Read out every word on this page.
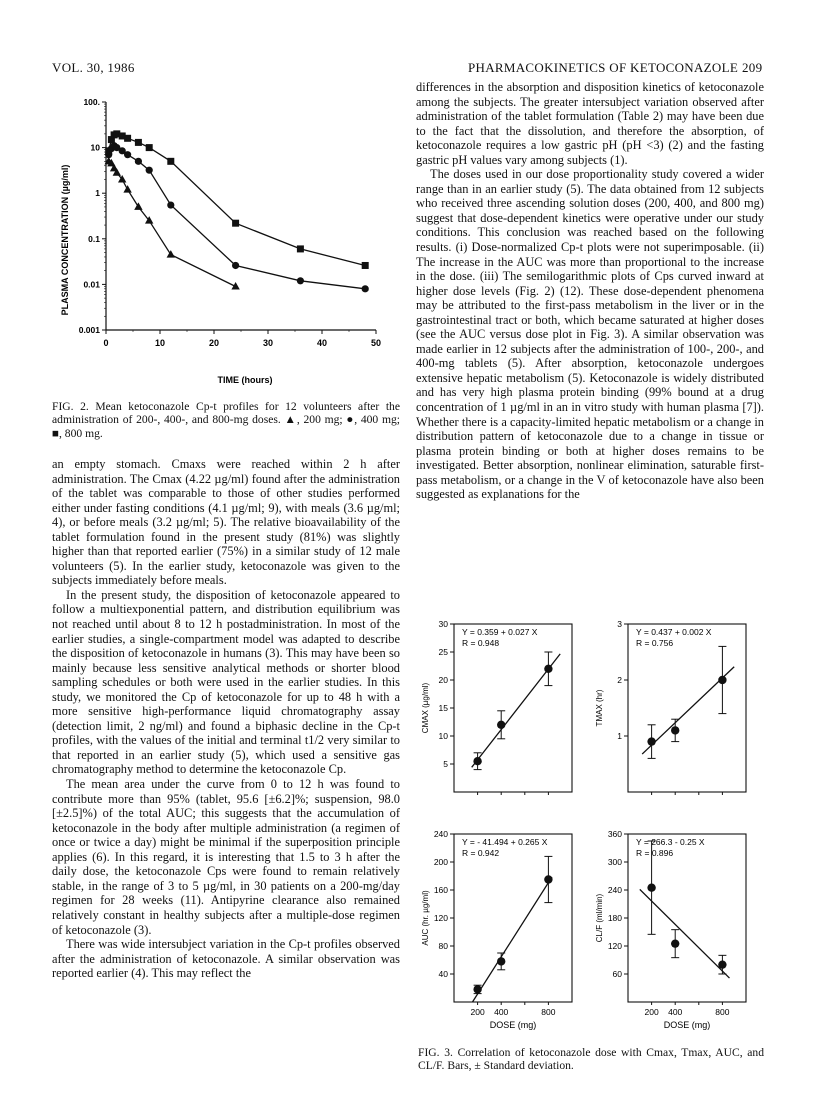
VOL. 30, 1986	PHARMACOKINETICS OF KETOCONAZOLE 209
0.001
0.01
0.1
1
10
100.
0	10	20	30	40	50
PLASMA CONCENTRATION (µg/ml)
TIME (hours)
FIG. 2. Mean ketoconazole Cp-t profiles for 12 volunteers after the administration of 200-, 400-, and 800-mg doses. ▲, 200 mg; ●, 400 mg; ■, 800 mg.

an empty stomach. Cmaxs were reached within 2 h after administration. The Cmax (4.22 µg/ml) found after the administration of the tablet was comparable to those of other studies performed either under fasting conditions (4.1 µg/ml; 9), with meals (3.6 µg/ml; 4), or before meals (3.2 µg/ml; 5). The relative bioavailability of the tablet formulation found in the present study (81%) was slightly higher than that reported earlier (75%) in a similar study of 12 male volunteers (5). In the earlier study, ketoconazole was given to the subjects immediately before meals.

In the present study, the disposition of ketoconazole appeared to follow a multiexponential pattern, and distribution equilibrium was not reached until about 8 to 12 h postadministration. In most of the earlier studies, a single-compartment model was adapted to describe the disposition of ketoconazole in humans (3). This may have been so mainly because less sensitive analytical methods or shorter blood sampling schedules or both were used in the earlier studies. In this study, we monitored the Cp of ketoconazole for up to 48 h with a more sensitive high-performance liquid chromatography assay (detection limit, 2 ng/ml) and found a biphasic decline in the Cp-t profiles, with the values of the initial and terminal t1/2 very similar to that reported in an earlier study (5), which used a sensitive gas chromatography method to determine the ketoconazole Cp.

The mean area under the curve from 0 to 12 h was found to contribute more than 95% (tablet, 95.6 [±6.2]%; suspension, 98.0 [±2.5]%) of the total AUC; this suggests that the accumulation of ketoconazole in the body after multiple administration (a regimen of once or twice a day) might be minimal if the superposition principle applies (6). In this regard, it is interesting that 1.5 to 3 h after the daily dose, the ketoconazole Cps were found to remain relatively stable, in the range of 3 to 5 µg/ml, in 30 patients on a 200-mg/day regimen for 28 weeks (11). Antipyrine clearance also remained relatively constant in healthy subjects after a multiple-dose regimen of ketoconazole (3).

There was wide intersubject variation in the Cp-t profiles observed after the administration of ketoconazole. A similar observation was reported earlier (4). This may reflect the

differences in the absorption and disposition kinetics of ketoconazole among the subjects. The greater intersubject variation observed after administration of the tablet formulation (Table 2) may have been due to the fact that the dissolution, and therefore the absorption, of ketoconazole requires a low gastric pH (pH <3) (2) and the fasting gastric pH values vary among subjects (1).

The doses used in our dose proportionality study covered a wider range than in an earlier study (5). The data obtained from 12 subjects who received three ascending solution doses (200, 400, and 800 mg) suggest that dose-dependent kinetics were operative under our study conditions. This conclusion was reached based on the following results. (i) Dose-normalized Cp-t plots were not superimposable. (ii) The increase in the AUC was more than proportional to the increase in the dose. (iii) The semilogarithmic plots of Cps curved inward at higher dose levels (Fig. 2) (12). These dose-dependent phenomena may be attributed to the first-pass metabolism in the liver or in the gastrointestinal tract or both, which became saturated at higher doses (see the AUC versus dose plot in Fig. 3). A similar observation was made earlier in 12 subjects after the administration of 100-, 200-, and 400-mg tablets (5). After absorption, ketoconazole undergoes extensive hepatic metabolism (5). Ketoconazole is widely distributed and has very high plasma protein binding (99% bound at a drug concentration of 1 µg/ml in an in vitro study with human plasma [7]). Whether there is a capacity-limited hepatic metabolism or a change in distribution pattern of ketoconazole due to a change in tissue or plasma protein binding or both at higher doses remains to be investigated. Better absorption, nonlinear elimination, saturable first-pass metabolism, or a change in the V of ketoconazole have also been suggested as explanations for the

5
10
15
20
25
30
CMAX (µg/ml)
Y = 0.359 + 0.027 X
R = 0.948
1
2
3
TMAX (hr)
Y = 0.437 + 0.002 X
R = 0.756
40
80
120
160
200
240
200 400	800
AUC (hr. µg/ml)
DOSE (mg)
Y = - 41.494 + 0.265 X
R = 0.942
60
120
180
240
300
360
200 400	800
CL/F (ml/min)
DOSE (mg)
Y = 266.3 - 0.25 X
R = 0.896
FIG. 3. Correlation of ketoconazole dose with Cmax, Tmax, AUC, and CL/F. Bars, ± Standard deviation.
